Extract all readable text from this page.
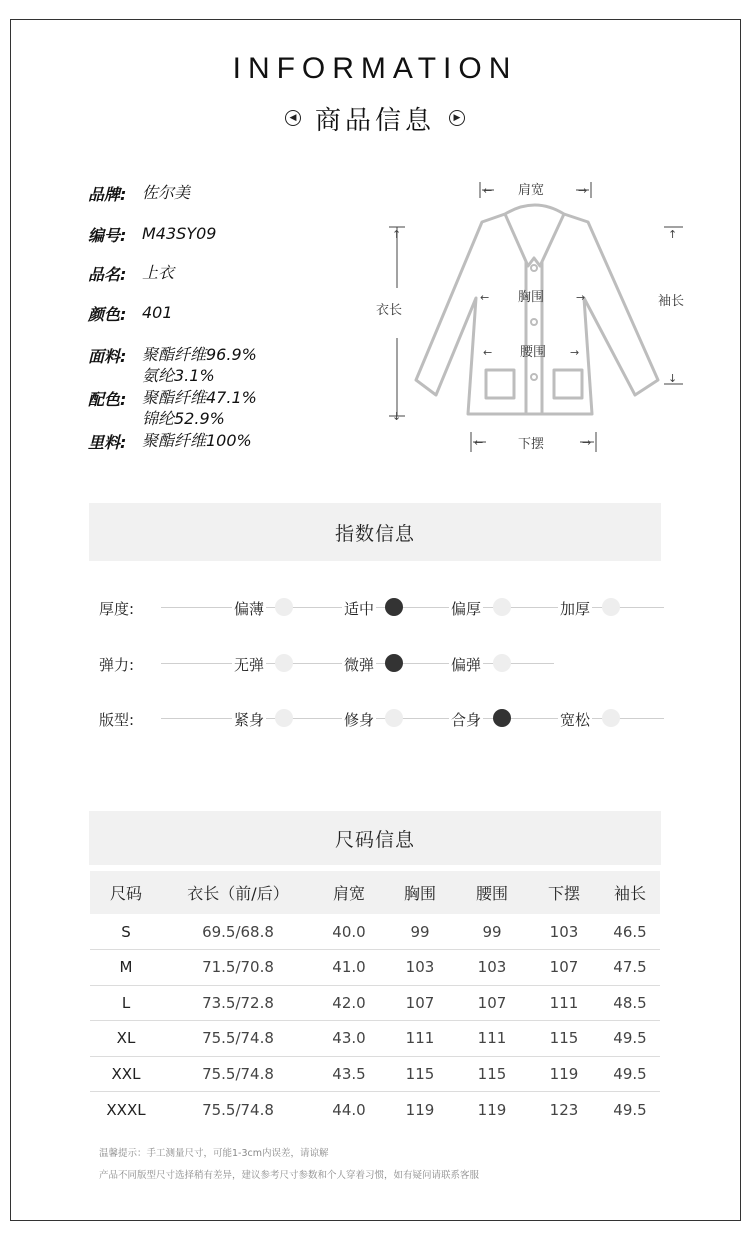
INFORMATION
◀ 商品信息	▶
品牌: 佐尔美
编号: M43SY09
品名: 上衣
颜色: 401
面料: 聚酯纤维96.9%
氨纶3.1%
配色: 聚酯纤维47.1%
锦纶52.9%
里料: 聚酯纤维100%
←	→
↑
↓
↑
↓
←	→
←	→
←	→
肩宽
衣长
胸围
腰围
袖长
下摆
指数信息
厚度:	偏薄	适中	偏厚	加厚
弹力:	无弹	微弹	偏弹
版型:	紧身	修身	合身	宽松
尺码信息
尺码	衣长（前/后）	肩宽	胸围	腰围	下摆	袖长
S	69.5/68.8	40.0	99	99	103	46.5
M	71.5/70.8	41.0	103	103	107	47.5
L	73.5/72.8	42.0	107	107	111	48.5
XL	75.5/74.8	43.0	111	111	115	49.5
XXL	75.5/74.8	43.5	115	115	119	49.5
XXXL	75.5/74.8	44.0	119	119	123	49.5
温馨提示：手工测量尺寸，可能1-3cm内误差，请谅解
产品不同版型尺寸选择稍有差异，建议参考尺寸参数和个人穿着习惯，如有疑问请联系客服
